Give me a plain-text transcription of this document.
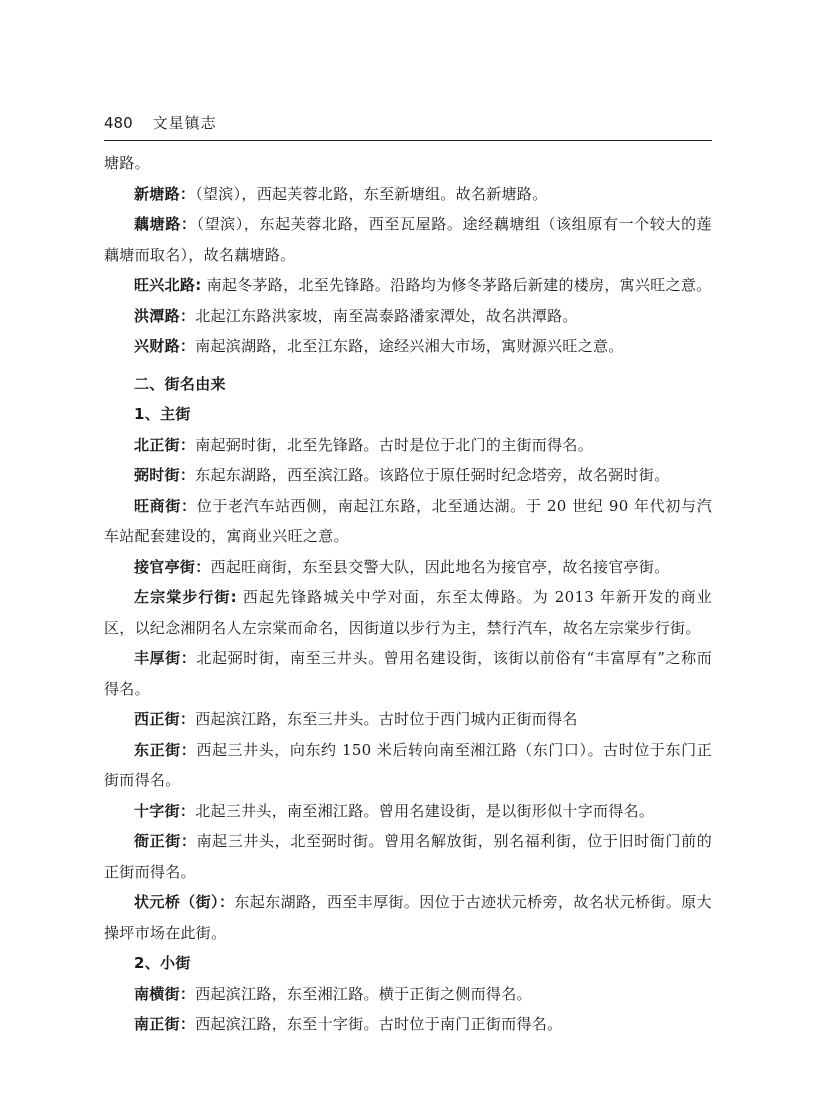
480 文星镇志

塘路。

新塘路：（望滨），西起芙蓉北路，东至新塘组。故名新塘路。

藕塘路：（望滨），东起芙蓉北路，西至瓦屋路。途经藕塘组（该组原有一个较大的莲藕塘而取名），故名藕塘路。

旺兴北路: 南起冬茅路，北至先锋路。沿路均为修冬茅路后新建的楼房，寓兴旺之意。

洪潭路：北起江东路洪家坡，南至嵩泰路潘家潭处，故名洪潭路。

兴财路：南起滨湖路，北至江东路，途经兴湘大市场，寓财源兴旺之意。

二、街名由来

1、主街

北正街：南起弼时街，北至先锋路。古时是位于北门的主街而得名。

弼时街：东起东湖路，西至滨江路。该路位于原任弼时纪念塔旁，故名弼时街。

旺商街：位于老汽车站西侧，南起江东路，北至通达湖。于 20 世纪 90 年代初与汽车站配套建设的，寓商业兴旺之意。

接官亭街：西起旺商街，东至县交警大队，因此地名为接官亭，故名接官亭街。

左宗棠步行街: 西起先锋路城关中学对面，东至太傅路。为 2013 年新开发的商业区，以纪念湘阴名人左宗棠而命名，因街道以步行为主，禁行汽车，故名左宗棠步行街。

丰厚街：北起弼时街，南至三井头。曾用名建设街，该街以前俗有“丰富厚有”之称而得名。

西正街：西起滨江路，东至三井头。古时位于西门城内正街而得名

东正街：西起三井头，向东约 150 米后转向南至湘江路（东门口）。古时位于东门正街而得名。

十字街：北起三井头，南至湘江路。曾用名建设街，是以街形似十字而得名。

衙正街：南起三井头，北至弼时街。曾用名解放街，别名福利街，位于旧时衙门前的正街而得名。

状元桥（街）：东起东湖路，西至丰厚街。因位于古迹状元桥旁，故名状元桥街。原大操坪市场在此街。

2、小街

南横街：西起滨江路，东至湘江路。横于正街之侧而得名。

南正街：西起滨江路，东至十字街。古时位于南门正街而得名。
